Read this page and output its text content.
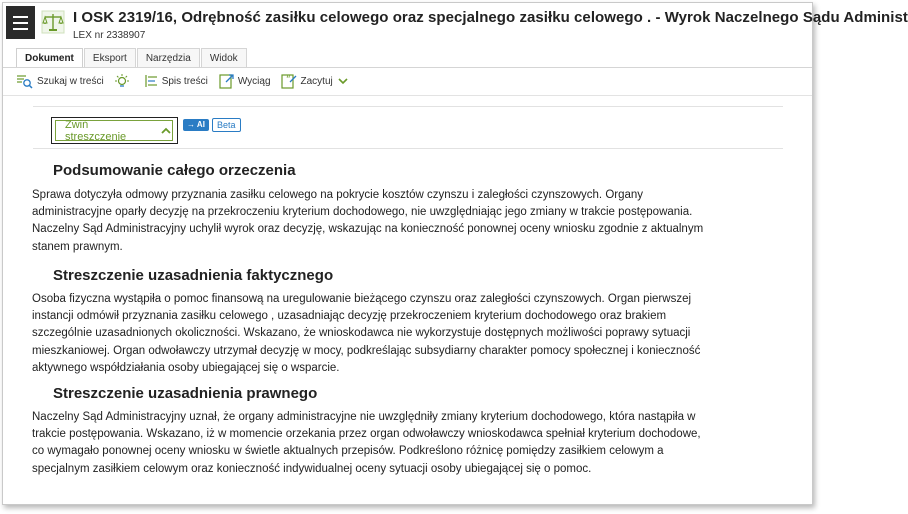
I OSK 2319/16, Odrębność zasiłku celowego oraz specjalnego zasiłku celowego . - Wyrok Naczelnego Sądu Administ
LEX nr 2338907
Dokument	Eksport	Narzędzia	Widok
Szukaj w treści	Spis treści	Wyciąg “ Zacytuj
Zwiń streszczenie
→ AI	Beta
Podsumowanie całego orzeczenia
Sprawa dotyczyła odmowy przyznania zasiłku celowego na pokrycie kosztów czynszu i zaległości czynszowych. Organy
administracyjne oparły decyzję na przekroczeniu kryterium dochodowego, nie uwzględniając jego zmiany w trakcie postępowania.
Naczelny Sąd Administracyjny uchylił wyrok oraz decyzję, wskazując na konieczność ponownej oceny wniosku zgodnie z aktualnym
stanem prawnym.
Streszczenie uzasadnienia faktycznego
Osoba fizyczna wystąpiła o pomoc finansową na uregulowanie bieżącego czynszu oraz zaległości czynszowych. Organ pierwszej
instancji odmówił przyznania zasiłku celowego , uzasadniając decyzję przekroczeniem kryterium dochodowego oraz brakiem
szczególnie uzasadnionych okoliczności. Wskazano, że wnioskodawca nie wykorzystuje dostępnych możliwości poprawy sytuacji
mieszkaniowej. Organ odwoławczy utrzymał decyzję w mocy, podkreślając subsydiarny charakter pomocy społecznej i konieczność
aktywnego współdziałania osoby ubiegającej się o wsparcie.
Streszczenie uzasadnienia prawnego
Naczelny Sąd Administracyjny uznał, że organy administracyjne nie uwzględniły zmiany kryterium dochodowego, która nastąpiła w
trakcie postępowania. Wskazano, iż w momencie orzekania przez organ odwoławczy wnioskodawca spełniał kryterium dochodowe,
co wymagało ponownej oceny wniosku w świetle aktualnych przepisów. Podkreślono różnicę pomiędzy zasiłkiem celowym a
specjalnym zasiłkiem celowym oraz konieczność indywidualnej oceny sytuacji osoby ubiegającej się o pomoc.
